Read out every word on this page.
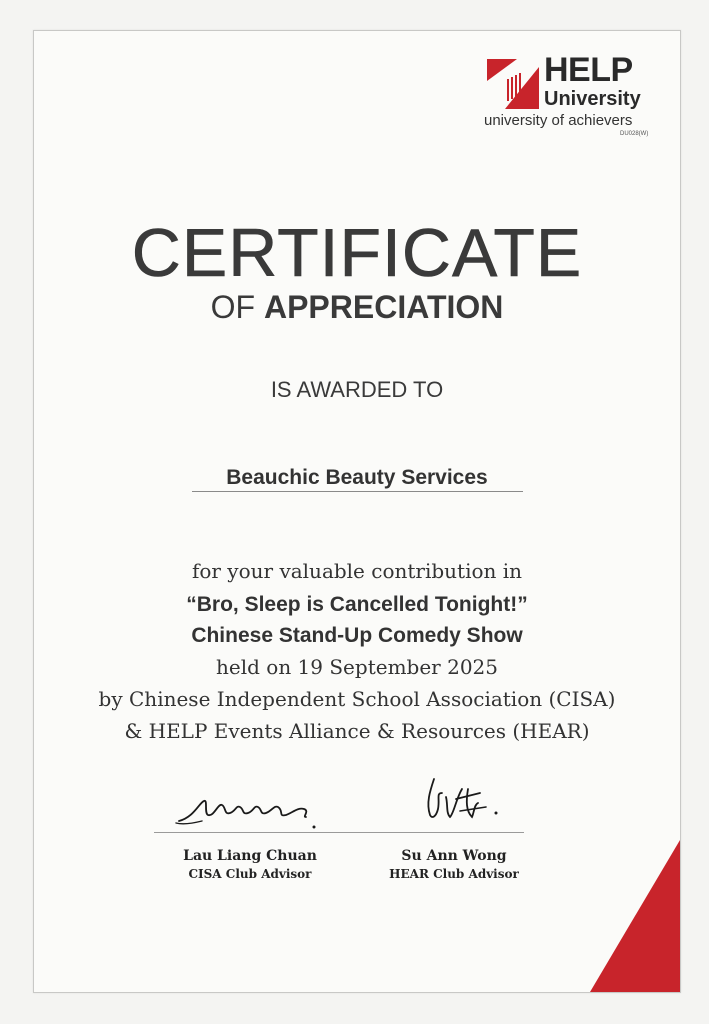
HELP
University
university of achievers
DU028(W)
CERTIFICATE
OF APPRECIATION
IS AWARDED TO
Beauchic Beauty Services
for your valuable contribution in
“Bro, Sleep is Cancelled Tonight!”
Chinese Stand-Up Comedy Show
held on 19 September 2025
by Chinese Independent School Association (CISA)
& HELP Events Alliance & Resources (HEAR)
Lau Liang Chuan
CISA Club Advisor
Su Ann Wong
HEAR Club Advisor
